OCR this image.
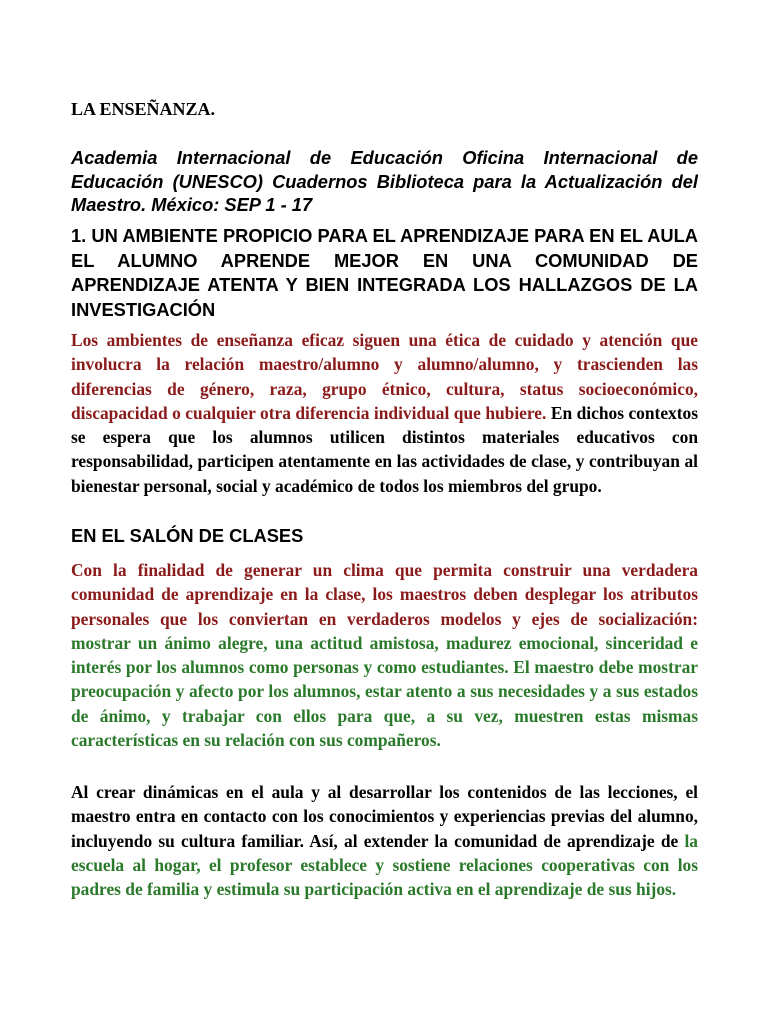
LA ENSEÑANZA.

Academia Internacional de Educación Oficina Internacional de Educación (UNESCO) Cuadernos Biblioteca para la Actualización del Maestro. México: SEP 1 - 17

1. UN AMBIENTE PROPICIO PARA EL APRENDIZAJE PARA EN EL AULA EL ALUMNO APRENDE MEJOR EN UNA COMUNIDAD DE APRENDIZAJE ATENTA Y BIEN INTEGRADA LOS HALLAZGOS DE LA INVESTIGACIÓN

Los ambientes de enseñanza eficaz siguen una ética de cuidado y atención que involucra la relación maestro/alumno y alumno/alumno, y trascienden las diferencias de género, raza, grupo étnico, cultura, status socioeconómico, discapacidad o cualquier otra diferencia individual que hubiere. En dichos contextos se espera que los alumnos utilicen distintos materiales educativos con responsabilidad, participen atentamente en las actividades de clase, y contribuyan al bienestar personal, social y académico de todos los miembros del grupo.

EN EL SALÓN DE CLASES

Con la finalidad de generar un clima que permita construir una verdadera comunidad de aprendizaje en la clase, los maestros deben desplegar los atributos personales que los conviertan en verdaderos modelos y ejes de socialización: mostrar un ánimo alegre, una actitud amistosa, madurez emocional, sinceridad e interés por los alumnos como personas y como estudiantes. El maestro debe mostrar preocupación y afecto por los alumnos, estar atento a sus necesidades y a sus estados de ánimo, y trabajar con ellos para que, a su vez, muestren estas mismas características en su relación con sus compañeros.

Al crear dinámicas en el aula y al desarrollar los contenidos de las lecciones, el maestro entra en contacto con los conocimientos y experiencias previas del alumno, incluyendo su cultura familiar. Así, al extender la comunidad de aprendizaje de la escuela al hogar, el profesor establece y sostiene relaciones cooperativas con los padres de familia y estimula su participación activa en el aprendizaje de sus hijos.
